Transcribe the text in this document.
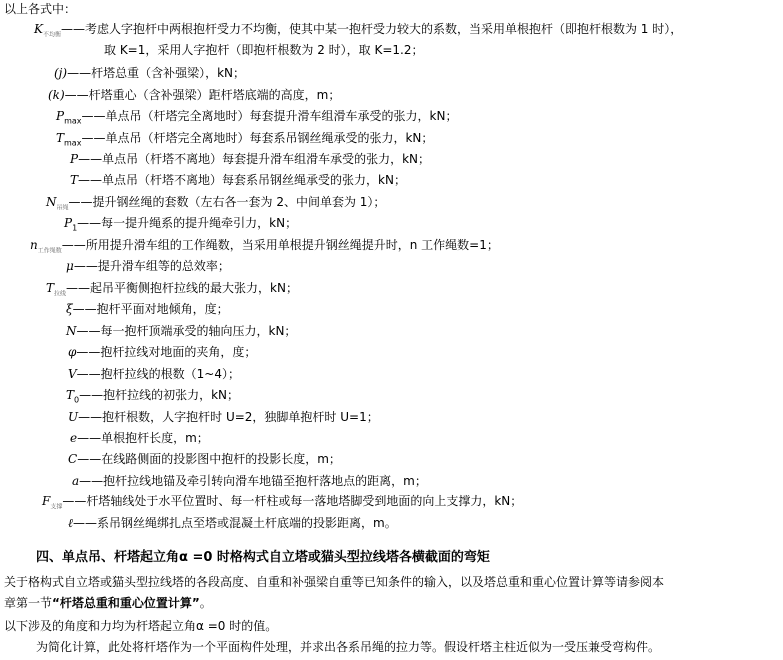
以上各式中：
$K_{不均衡}——$考虑人字抱杆中两根抱杆受力不均衡，使其中某一抱杆受力较大的系数，当采用单根抱杆（即抱杆根数为 1 时），
取 K=1，采用人字抱杆（即抱杆根数为 2 时），取 K=1.2；
(j)——杆塔总重（含补强梁），kN；
(k)——杆塔重心（含补强梁）距杆塔底端的高度，m；
$P_{max}——$单点吊（杆塔完全离地时）每套提升滑车组滑车承受的张力，kN；
$T_{max}——$单点吊（杆塔完全离地时）每套系吊钢丝绳承受的张力，kN；
P——单点吊（杆塔不离地）每套提升滑车组滑车承受的张力，kN；
T——单点吊（杆塔不离地）每套系吊钢丝绳承受的张力，kN；
$N_{吊绳}——$提升钢丝绳的套数（左右各一套为 2、中间单套为 1）；
$P_1——$每一提升绳系的提升绳牵引力，kN；
$n_{工作绳数}——$所用提升滑车组的工作绳数，当采用单根提升钢丝绳提升时，n 工作绳数=1；
μ——提升滑车组等的总效率；
$T_{拉线}——$起吊平衡侧抱杆拉线的最大张力，kN；
ξ——抱杆平面对地倾角，度；
N——每一抱杆顶端承受的轴向压力，kN；
φ——抱杆拉线对地面的夹角，度；
V——抱杆拉线的根数（1~4）；
$T_0——$抱杆拉线的初张力，kN；
U——抱杆根数，人字抱杆时 U=2，独脚单抱杆时 U=1；
e——单根抱杆长度，m；
C——在线路侧面的投影图中抱杆的投影长度，m；
a——抱杆拉线地锚及牵引转向滑车地锚至抱杆落地点的距离，m；
$F_{支撑}——$杆塔轴线处于水平位置时、每一杆柱或每一落地塔脚受到地面的向上支撑力，kN；
ℓ——系吊钢丝绳绑扎点至塔或混凝土杆底端的投影距离，m。
四、单点吊、杆塔起立角α =0 时格构式自立塔或猫头型拉线塔各横截面的弯矩
关于格构式自立塔或猫头型拉线塔的各段高度、自重和补强梁自重等已知条件的输入，以及塔总重和重心位置计算等请参阅本
章第一节“杆塔总重和重心位置计算”。
以下涉及的角度和力均为杆塔起立角α =0 时的值。
为简化计算，此处将杆塔作为一个平面构件处理，并求出各系吊绳的拉力等。假设杆塔主柱近似为一受压兼受弯构件。
